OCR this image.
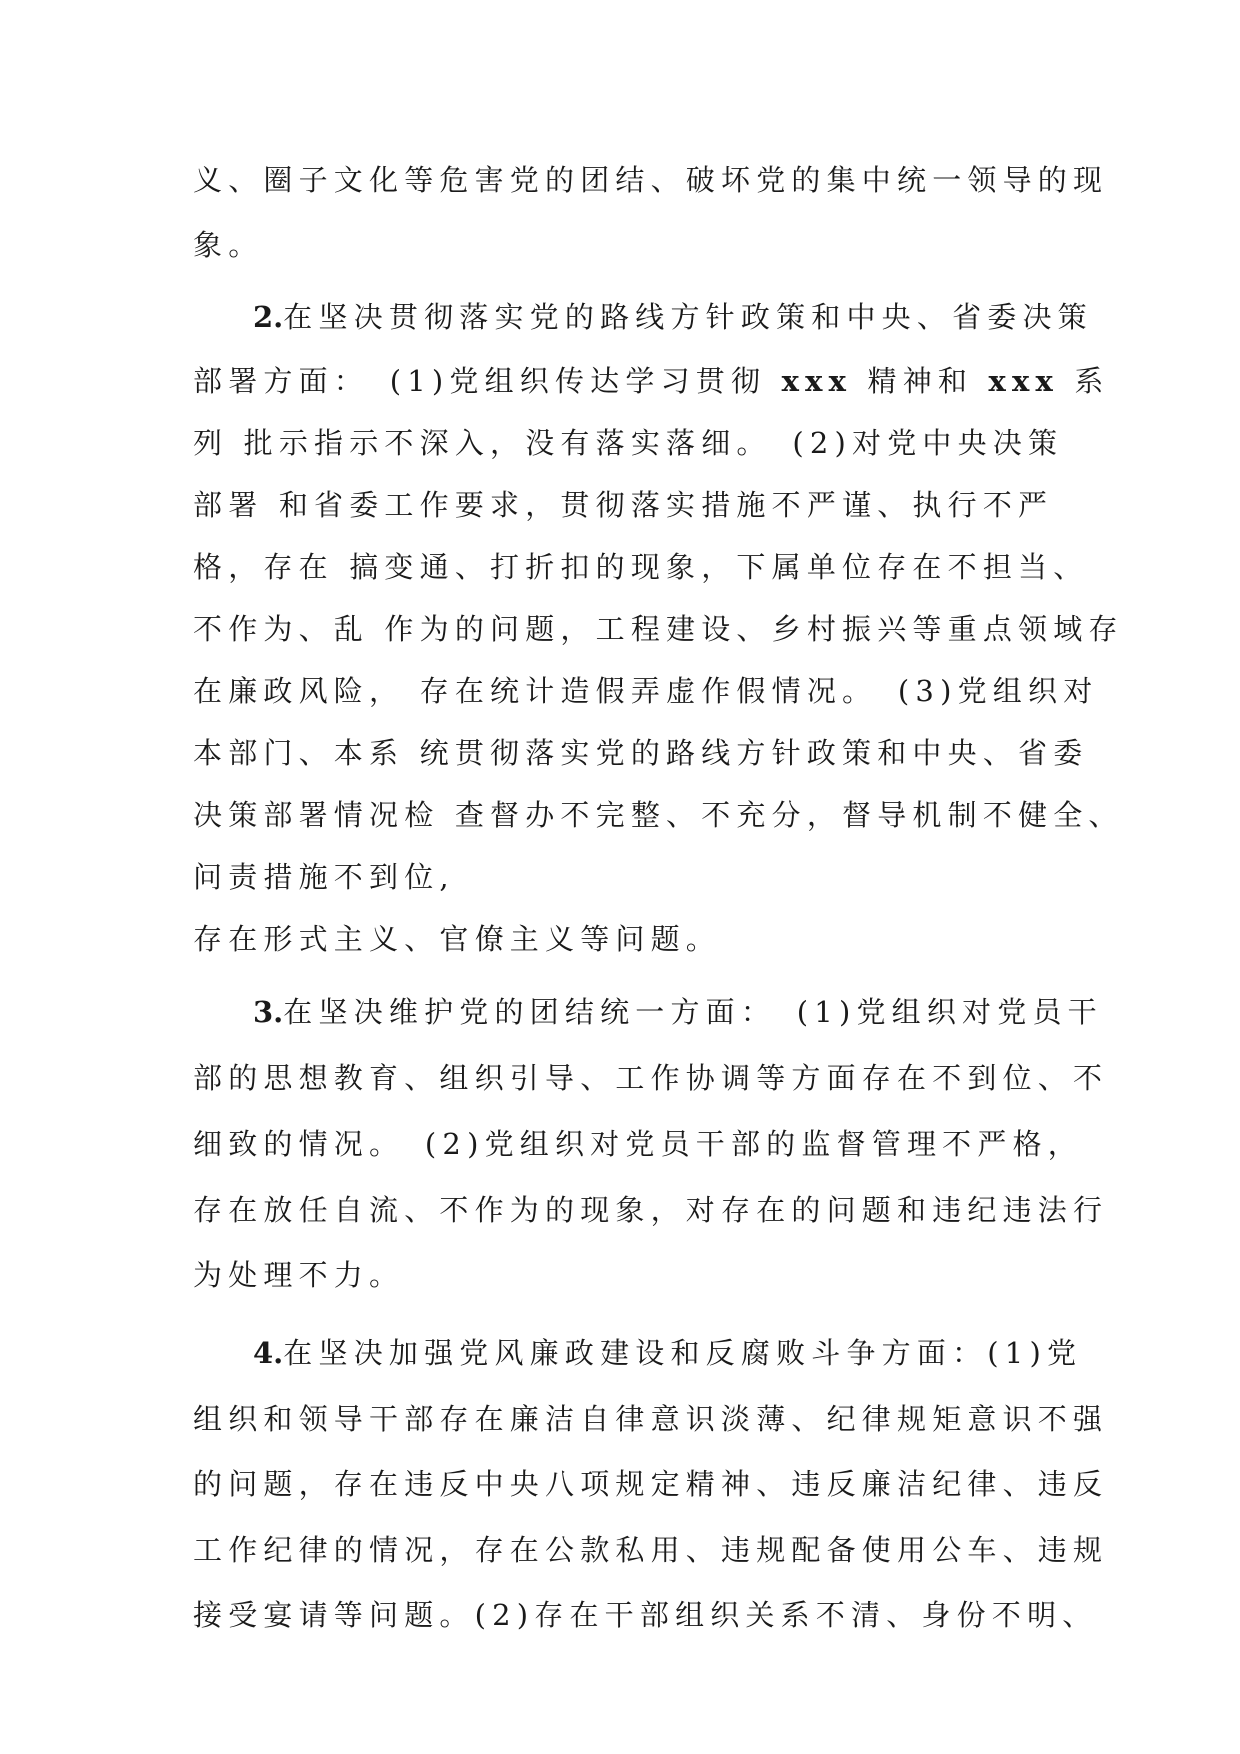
义、圈子文化等危害党的团结、破坏党的集中统一领导的现
象。
2.在坚决贯彻落实党的路线方针政策和中央、省委决策
部署方面：　(1)党组织传达学习贯彻 xxx 精神和 xxx 系
列 批示指示不深入，没有落实落细。　(2)对党中央决策
部署 和省委工作要求，贯彻落实措施不严谨、执行不严
格，存在 搞变通、打折扣的现象，下属单位存在不担当、
不作为、乱 作为的问题，工程建设、乡村振兴等重点领域存
在廉政风险， 存在统计造假弄虚作假情况。　(3)党组织对
本部门、本系 统贯彻落实党的路线方针政策和中央、省委
决策部署情况检 查督办不完整、不充分，督导机制不健全、
问责措施不到位,
存在形式主义、官僚主义等问题。
3.在坚决维护党的团结统一方面：　(1)党组织对党员干
部的思想教育、组织引导、工作协调等方面存在不到位、不
细致的情况。　(2)党组织对党员干部的监督管理不严格，
存在放任自流、不作为的现象，对存在的问题和违纪违法行
为处理不力。
4.在坚决加强党风廉政建设和反腐败斗争方面：(1)党
组织和领导干部存在廉洁自律意识淡薄、纪律规矩意识不强
的问题，存在违反中央八项规定精神、违反廉洁纪律、违反
工作纪律的情况，存在公款私用、违规配备使用公车、违规
接受宴请等问题。(2)存在干部组织关系不清、身份不明、
